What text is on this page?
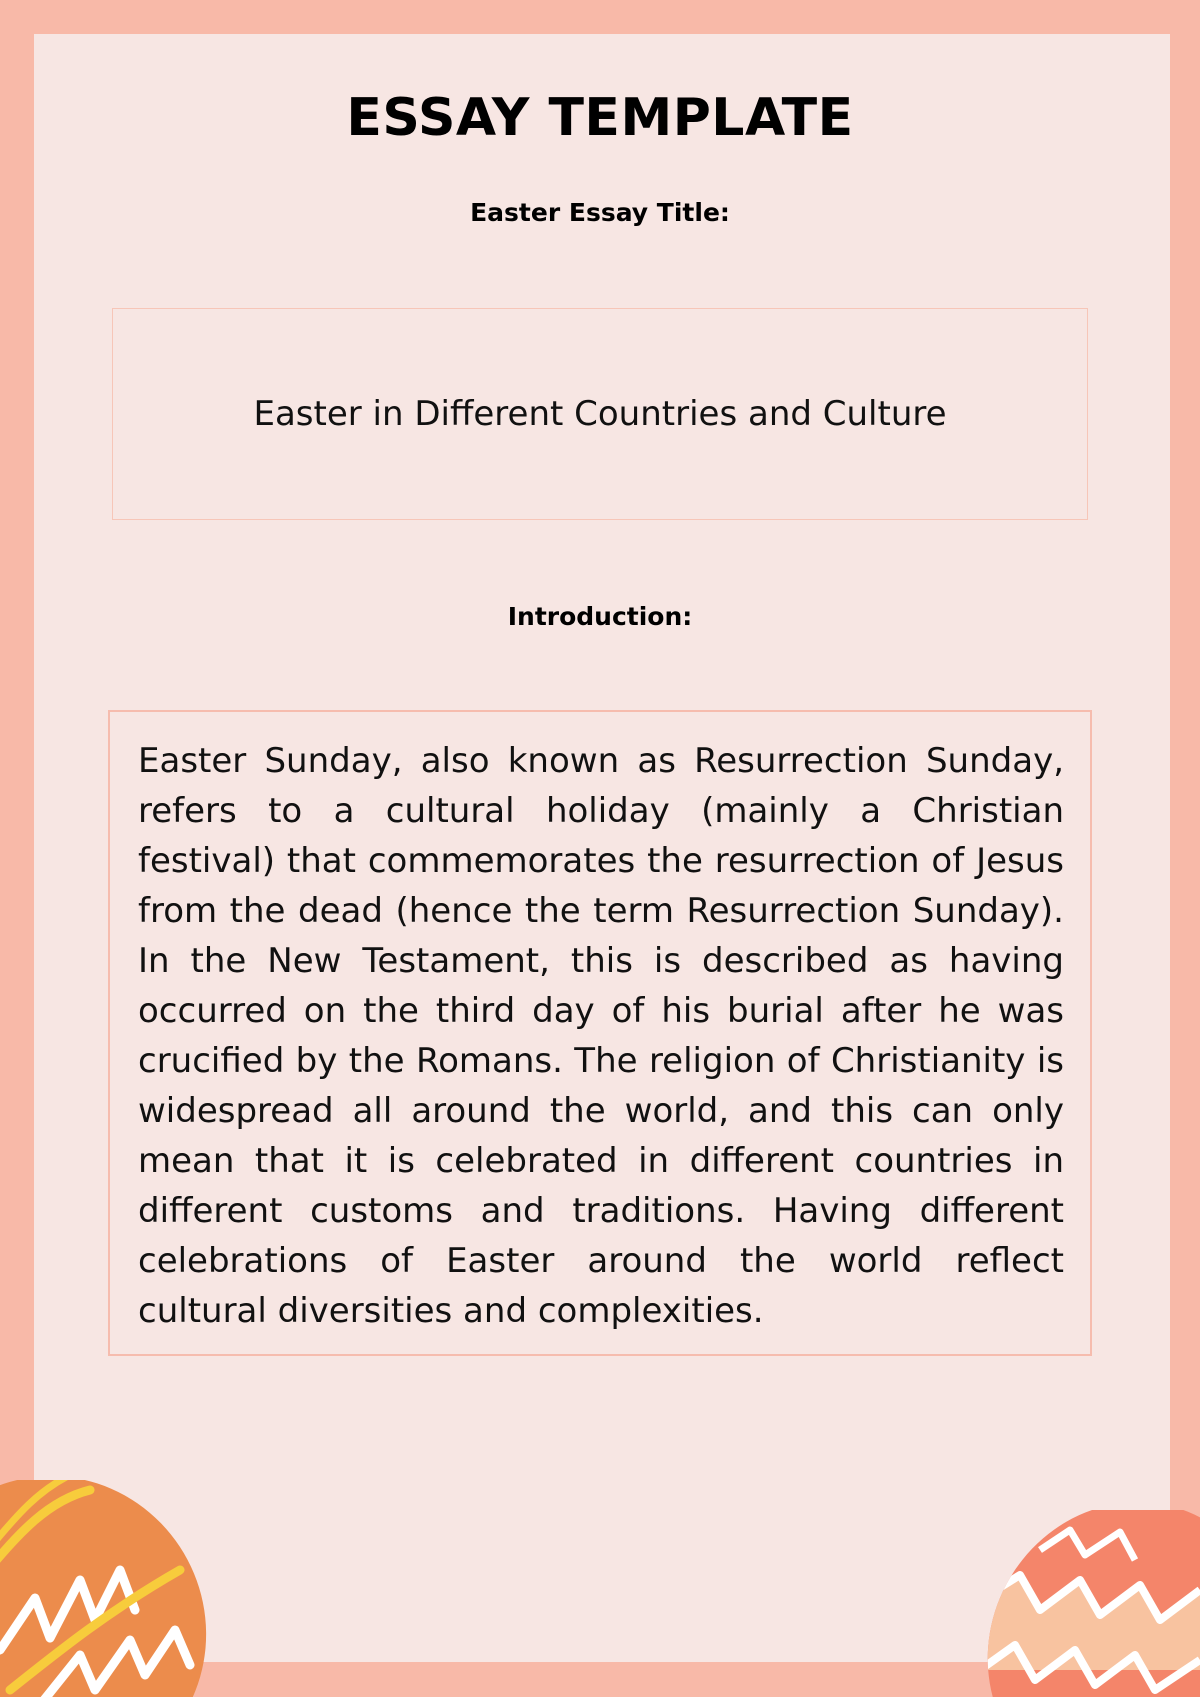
ESSAY TEMPLATE
Easter Essay Title:
Easter in Different Countries and Culture
Introduction:

Easter Sunday, also known as Resurrection Sunday, refers to a cultural holiday (mainly a Christian festival) that commemorates the resurrection of Jesus from the dead (hence the term Resurrection Sunday). In the New Testament, this is described as having occurred on the third day of his burial after he was crucified by the Romans. The religion of Christianity is widespread all around the world, and this can only mean that it is celebrated in different countries in different customs and traditions. Having different celebrations of Easter around the world reflect cultural diversities and complexities.
